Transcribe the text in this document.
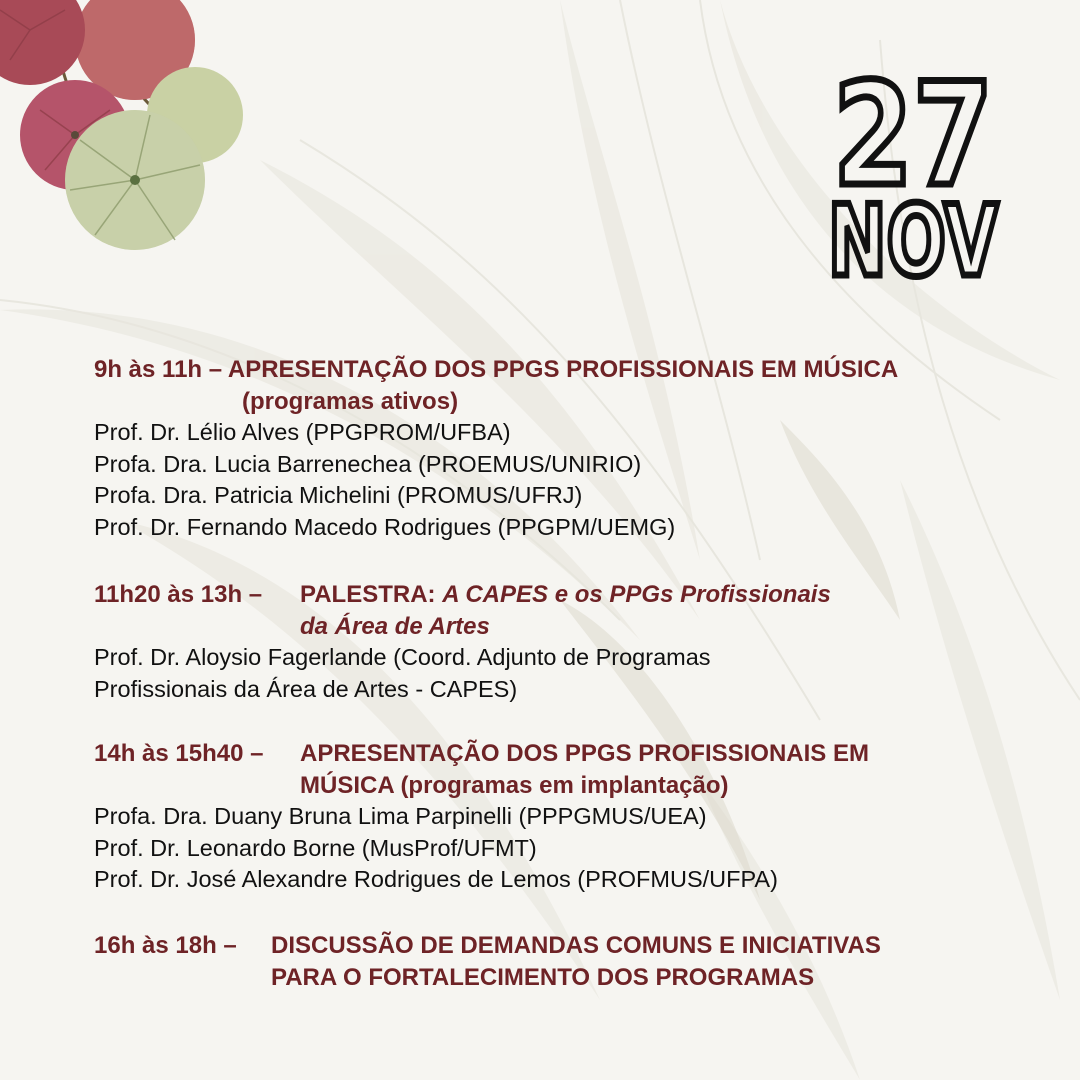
27
NOV
9h às 11h – APRESENTAÇÃO DOS PPGS PROFISSIONAIS EM MÚSICA
(programas ativos)
Prof. Dr. Lélio Alves (PPGPROM/UFBA)
Profa. Dra. Lucia Barrenechea (PROEMUS/UNIRIO)
Profa. Dra. Patricia Michelini (PROMUS/UFRJ)
Prof. Dr. Fernando Macedo Rodrigues (PPGPM/UEMG)
11h20 às 13h – PALESTRA: A CAPES e os PPGs Profissionais
da Área de Artes
Prof. Dr. Aloysio Fagerlande (Coord. Adjunto de Programas
Profissionais da Área de Artes - CAPES)
14h às 15h40 – APRESENTAÇÃO DOS PPGS PROFISSIONAIS EM
MÚSICA (programas em implantação)
Profa. Dra. Duany Bruna Lima Parpinelli (PPPGMUS/UEA)
Prof. Dr. Leonardo Borne (MusProf/UFMT)
Prof. Dr. José Alexandre Rodrigues de Lemos (PROFMUS/UFPA)
16h às 18h – DISCUSSÃO DE DEMANDAS COMUNS E INICIATIVAS
PARA O FORTALECIMENTO DOS PROGRAMAS
